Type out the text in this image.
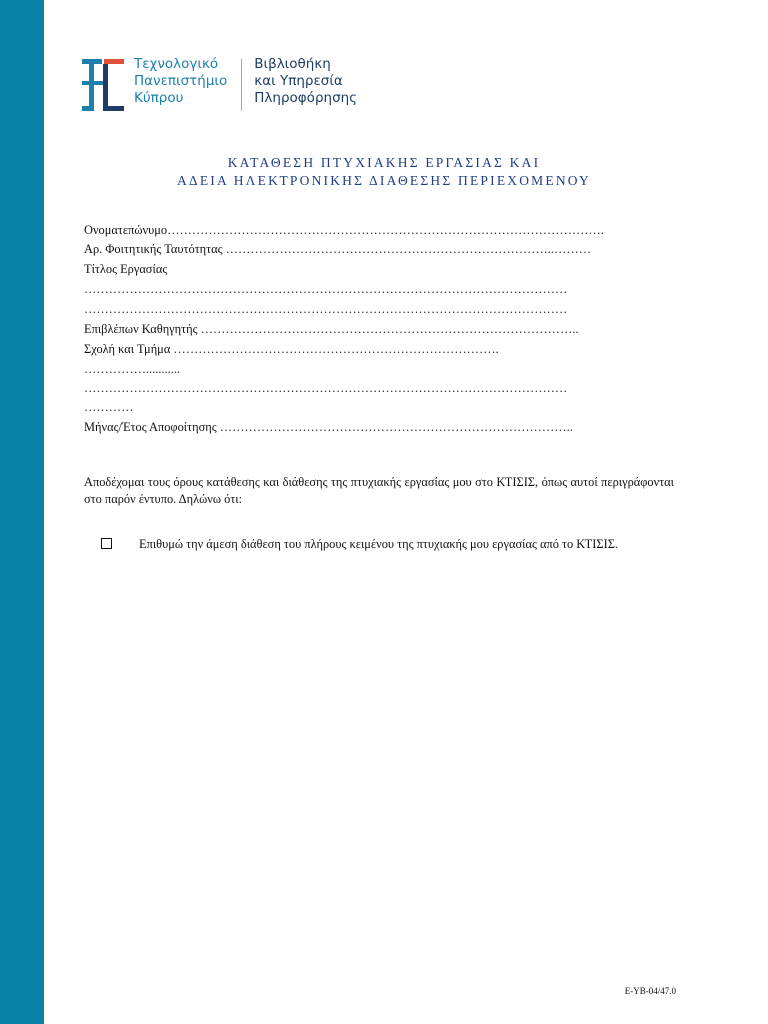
Τεχνολογικό
Πανεπιστήμιο
Κύπρου
Βιβλιοθήκη
και Υπηρεσία
Πληροφόρησης
ΚΑΤΑΘΕΣΗ ΠΤΥΧΙΑΚΗΣ ΕΡΓΑΣΙΑΣ ΚΑΙ
ΑΔΕΙΑ ΗΛΕΚΤΡΟΝΙΚΗΣ ΔΙΑΘΕΣΗΣ ΠΕΡΙΕΧΟΜΕΝΟΥ
Ονοματεπώνυμο…………………………………………………………………………………………….
Αρ. Φοιτητικής Ταυτότητας ……………………………………………………………………..………
Τίτλος Εργασίας
………………………………………………………………………………………………………
………………………………………………………………………………………………………
Επιβλέπων Καθηγητής ………………………………………………………………………………..
Σχολή και Τμήμα …………………………………………………………………….
……………...........
………………………………………………………………………………………………………
…………
Μήνας/Έτος Αποφοίτησης …………………………………………………………………………..
Αποδέχομαι τους όρους κατάθεσης και διάθεσης της πτυχιακής εργασίας μου στο ΚΤΙΣΙΣ, όπως αυτοί περιγράφονται στο παρόν έντυπο. Δηλώνω ότι:
Επιθυμώ την άμεση διάθεση του πλήρους κειμένου της πτυχιακής μου εργασίας από το ΚΤΙΣΙΣ.
E-YB-04/47.0
